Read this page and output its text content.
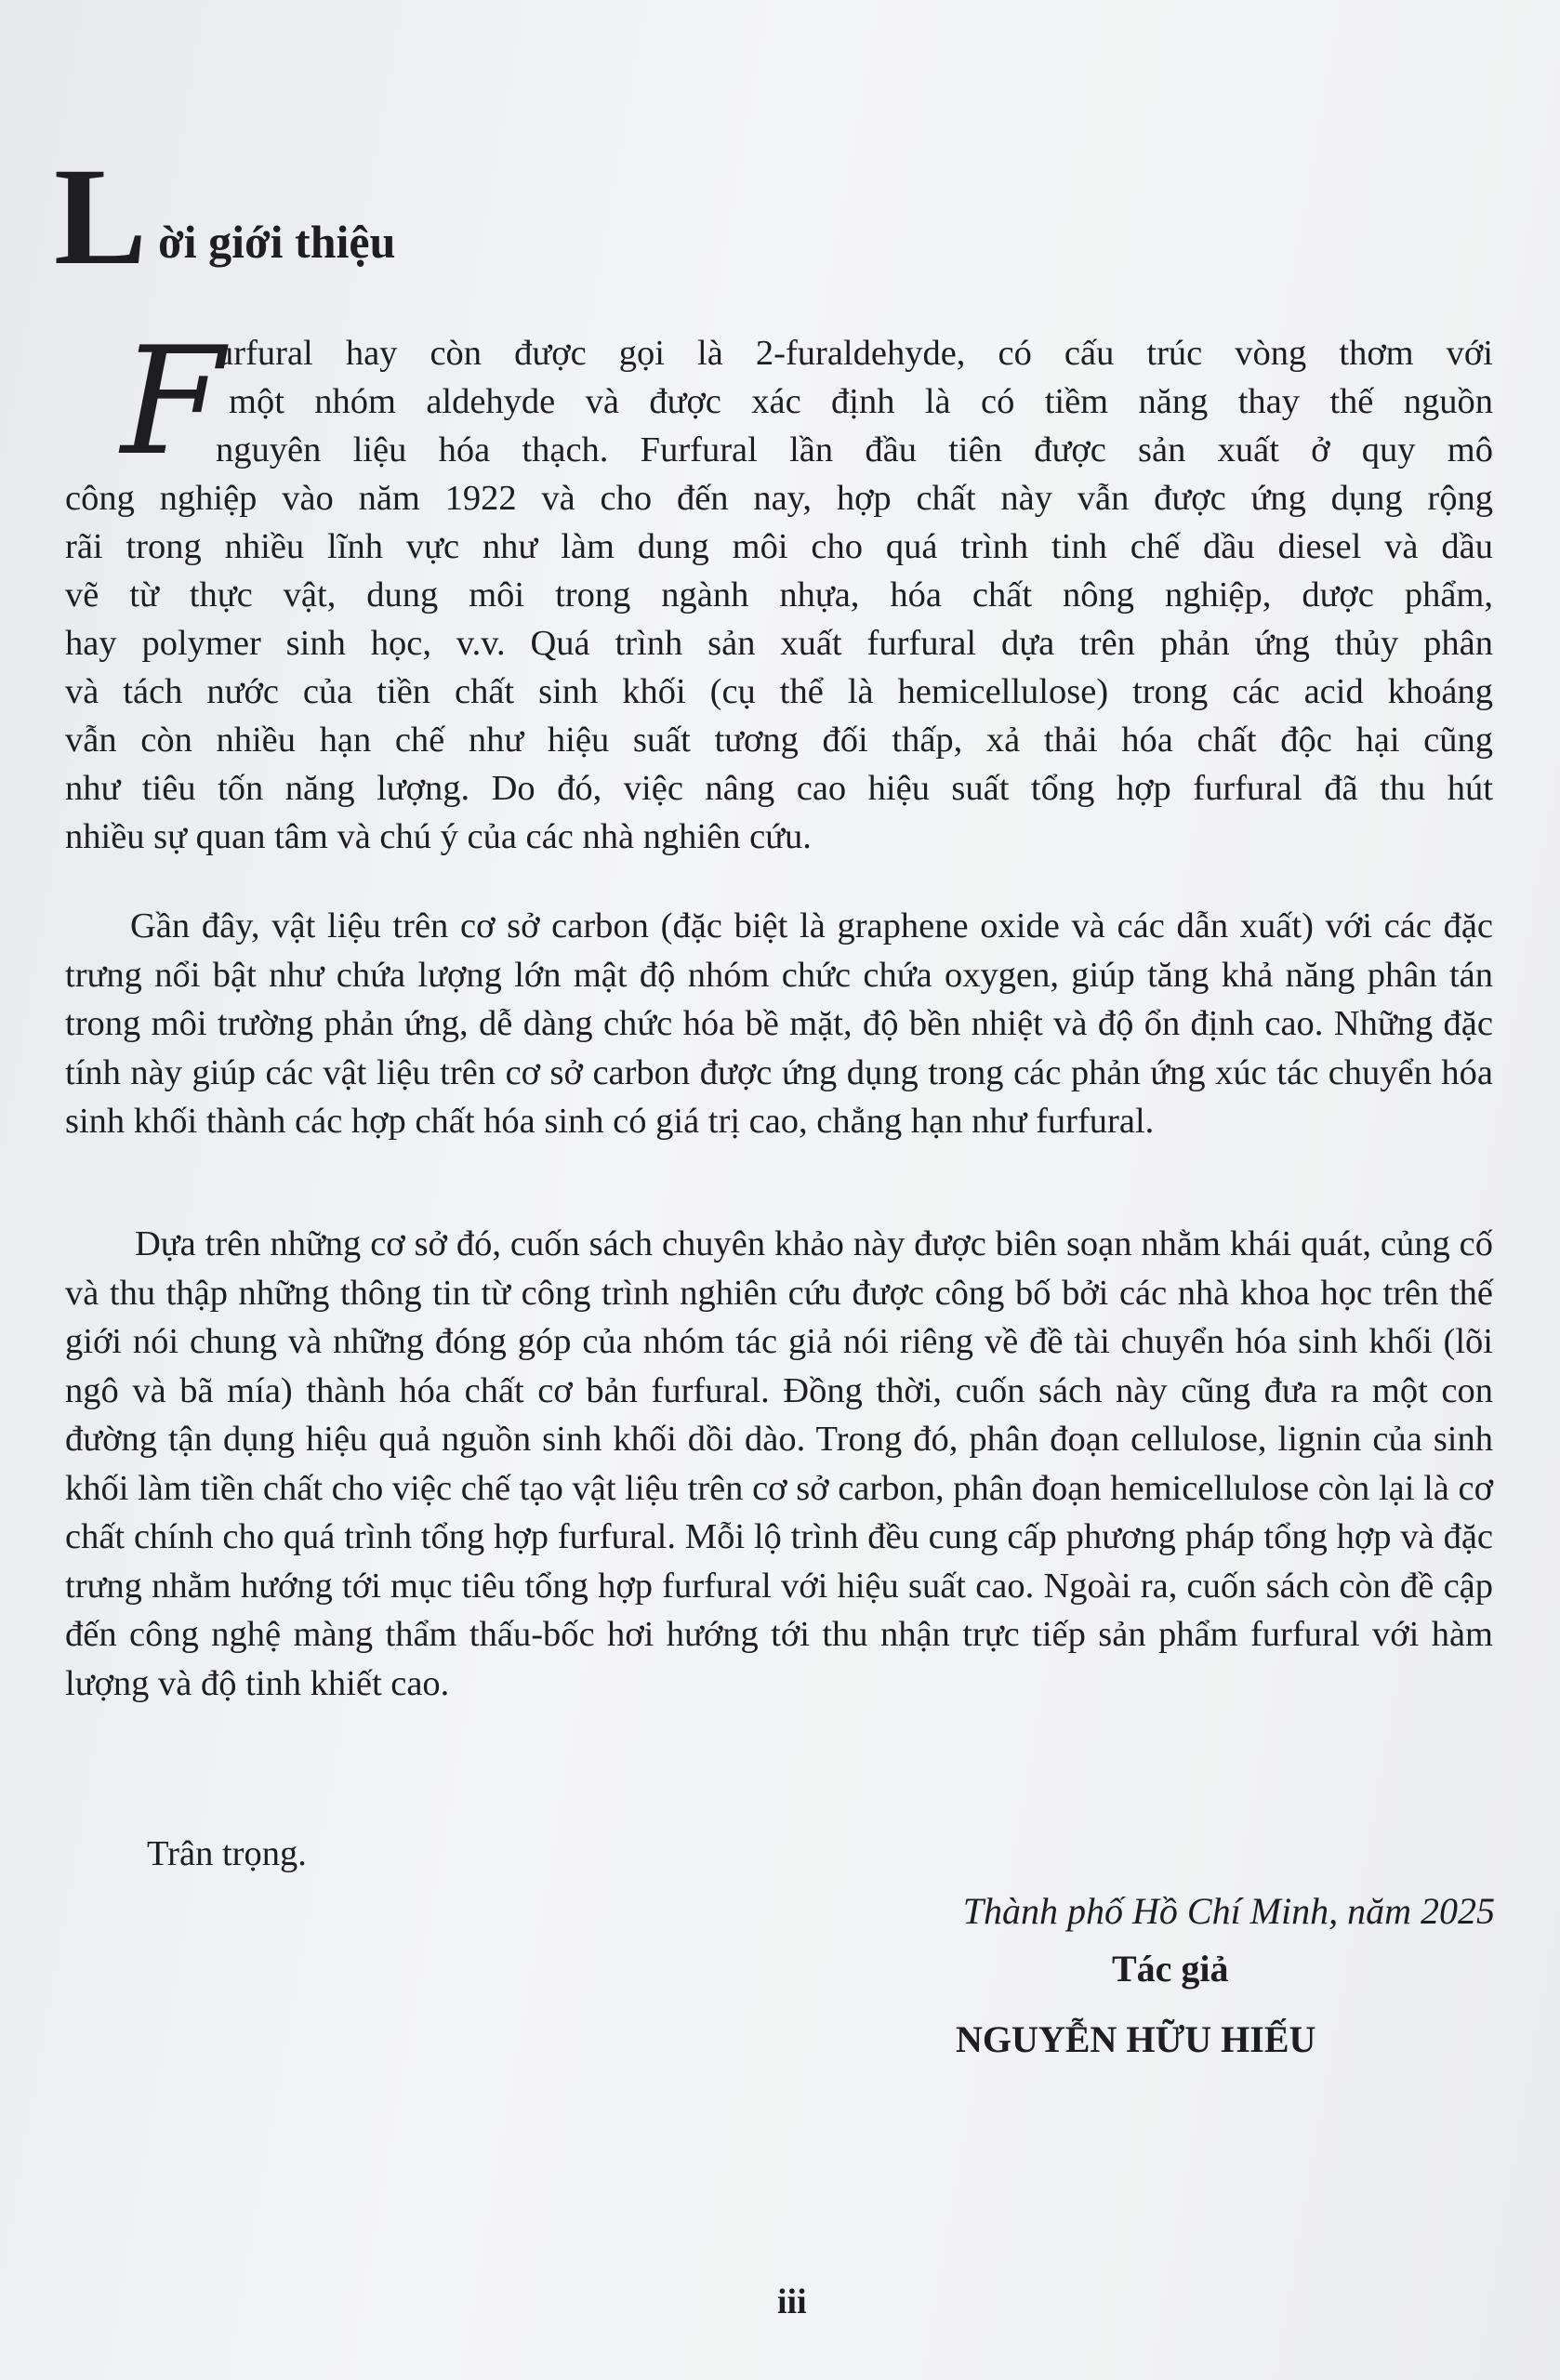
L ời giới thiệu
F
urfural hay còn được gọi là 2-furaldehyde, có cấu trúc vòng thơm với
một nhóm aldehyde và được xác định là có tiềm năng thay thế nguồn
nguyên liệu hóa thạch. Furfural lần đầu tiên được sản xuất ở quy mô
công nghiệp vào năm 1922 và cho đến nay, hợp chất này vẫn được ứng dụng rộng
rãi trong nhiều lĩnh vực như làm dung môi cho quá trình tinh chế dầu diesel và dầu
vẽ từ thực vật, dung môi trong ngành nhựa, hóa chất nông nghiệp, dược phẩm,
hay polymer sinh học, v.v. Quá trình sản xuất furfural dựa trên phản ứng thủy phân
và tách nước của tiền chất sinh khối (cụ thể là hemicellulose) trong các acid khoáng
vẫn còn nhiều hạn chế như hiệu suất tương đối thấp, xả thải hóa chất độc hại cũng
như tiêu tốn năng lượng. Do đó, việc nâng cao hiệu suất tổng hợp furfural đã thu hút
nhiều sự quan tâm và chú ý của các nhà nghiên cứu.
Gần đây, vật liệu trên cơ sở carbon (đặc biệt là graphene oxide và các dẫn xuất) với các đặc trưng nổi bật như chứa lượng lớn mật độ nhóm chức chứa oxygen, giúp tăng khả năng phân tán trong môi trường phản ứng, dễ dàng chức hóa bề mặt, độ bền nhiệt và độ ổn định cao. Những đặc tính này giúp các vật liệu trên cơ sở carbon được ứng dụng trong các phản ứng xúc tác chuyển hóa sinh khối thành các hợp chất hóa sinh có giá trị cao, chẳng hạn như furfural.
Dựa trên những cơ sở đó, cuốn sách chuyên khảo này được biên soạn nhằm khái quát, củng cố và thu thập những thông tin từ công trình nghiên cứu được công bố bởi các nhà khoa học trên thế giới nói chung và những đóng góp của nhóm tác giả nói riêng về đề tài chuyển hóa sinh khối (lõi ngô và bã mía) thành hóa chất cơ bản furfural. Đồng thời, cuốn sách này cũng đưa ra một con đường tận dụng hiệu quả nguồn sinh khối dồi dào. Trong đó, phân đoạn cellulose, lignin của sinh khối làm tiền chất cho việc chế tạo vật liệu trên cơ sở carbon, phân đoạn hemicellulose còn lại là cơ chất chính cho quá trình tổng hợp furfural. Mỗi lộ trình đều cung cấp phương pháp tổng hợp và đặc trưng nhằm hướng tới mục tiêu tổng hợp furfural với hiệu suất cao. Ngoài ra, cuốn sách còn đề cập đến công nghệ màng thẩm thấu-bốc hơi hướng tới thu nhận trực tiếp sản phẩm furfural với hàm lượng và độ tinh khiết cao.
Trân trọng.
Thành phố Hồ Chí Minh, năm 2025
Tác giả
NGUYỄN HỮU HIẾU
iii
